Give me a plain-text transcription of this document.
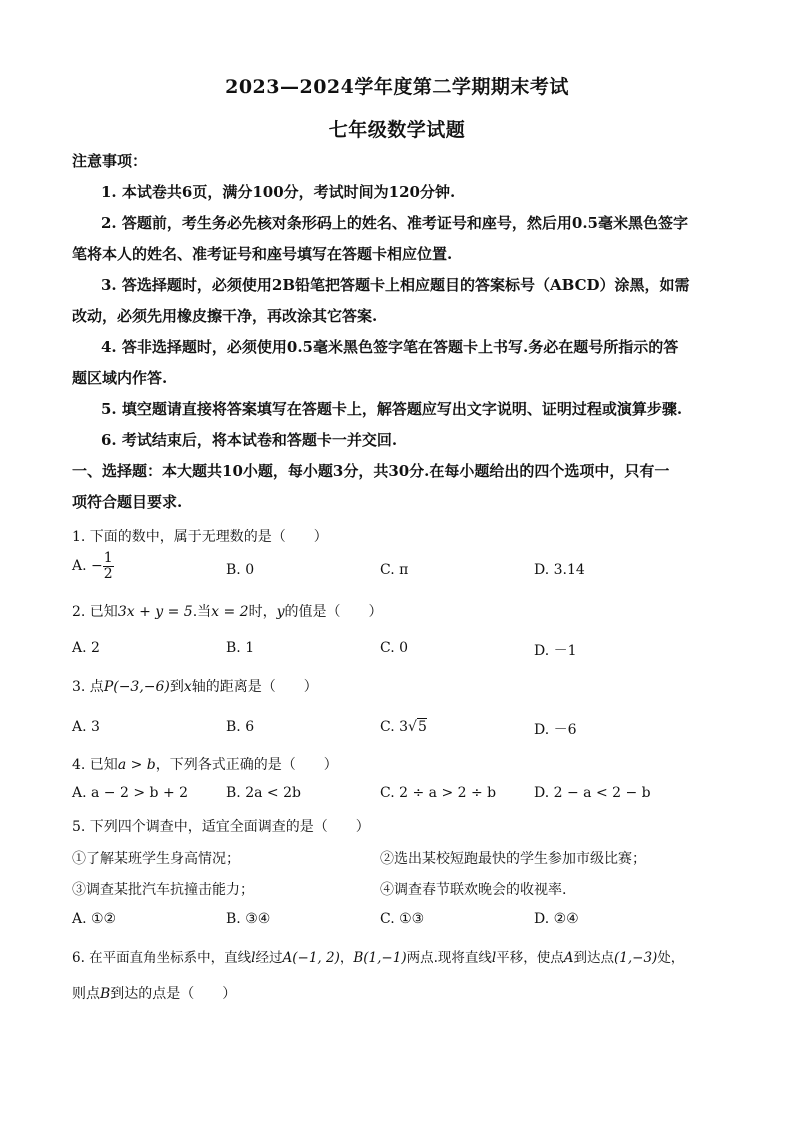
2023—2024学年度第二学期期末考试
七年级数学试题
注意事项：
1. 本试卷共6页，满分100分，考试时间为120分钟.
2. 答题前，考生务必先核对条形码上的姓名、准考证号和座号，然后用0.5毫米黑色签字
笔将本人的姓名、准考证号和座号填写在答题卡相应位置.
3. 答选择题时，必须使用2B铅笔把答题卡上相应题目的答案标号（ABCD）涂黑，如需
改动，必须先用橡皮擦干净，再改涂其它答案.
4. 答非选择题时，必须使用0.5毫米黑色签字笔在答题卡上书写.务必在题号所指示的答
题区域内作答.
5. 填空题请直接将答案填写在答题卡上，解答题应写出文字说明、证明过程或演算步骤.
6. 考试结束后，将本试卷和答题卡一并交回.
一、选择题：本大题共10小题，每小题3分，共30分.在每小题给出的四个选项中，只有一
项符合题目要求.
1. 下面的数中，属于无理数的是（　　）
A. − $\frac{1}{2}$	B. 0	C. π	D. 3.14
2. 已知3x + y = 5.当x = 2时，y的值是（　　）
A. 2	B. 1	C. 0	D. －1
3. 点P(−3,−6)到x轴的距离是（　　）
A. 3	B. 6	C. 3√5	D. －6
4. 已知a > b，下列各式正确的是（　　）
A. a − 2 > b + 2	B. 2a < 2b	C. 2 ÷ a > 2 ÷ b	D. 2 − a < 2 − b
5. 下列四个调查中，适宜全面调查的是（　　）
①了解某班学生身高情况；	②选出某校短跑最快的学生参加市级比赛；
③调查某批汽车抗撞击能力；	④调查春节联欢晚会的收视率.
A. ①②	B. ③④	C. ①③	D. ②④
6. 在平面直角坐标系中，直线l经过A(−1, 2)，B(1,−1)两点.现将直线l平移，使点A到达点(1,−3)处，
则点B到达的点是（　　）
